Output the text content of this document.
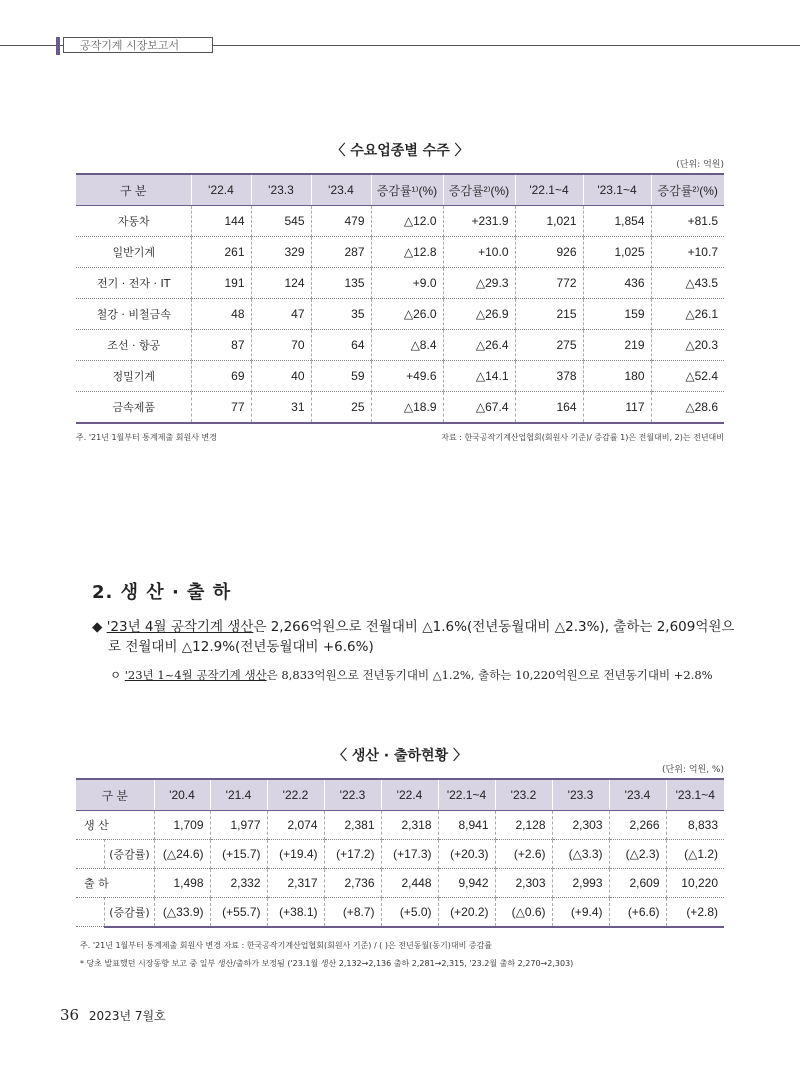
공작기계 시장보고서
〈 수요업종별 수주 〉
(단위: 억원)
구 분	'22.4	'23.3	'23.4	증감률¹⁾(%)	증감률²⁾(%)	'22.1~4	'23.1~4	증감률²⁾(%)
자동차	144	545	479	△12.0	+231.9	1,021	1,854	+81.5
일반기계	261	329	287	△12.8	+10.0	926	1,025	+10.7
전기 · 전자 · IT	191	124	135	+9.0	△29.3	772	436	△43.5
철강 · 비철금속	48	47	35	△26.0	△26.9	215	159	△26.1
조선 · 항공	87	70	64	△8.4	△26.4	275	219	△20.3
정밀기계	69	40	59	+49.6	△14.1	378	180	△52.4
금속제품	77	31	25	△18.9	△67.4	164	117	△28.6
주. '21년 1월부터 통계제출 회원사 변경	자료 : 한국공작기계산업협회(회원사 기준)/ 증감률 1)은 전월대비, 2)는 전년대비
2. 생 산 · 출 하
◆ '23년 4월 공작기계 생산은 2,266억원으로 전월대비 △1.6%(전년동월대비 △2.3%), 출하는 2,609억원으
로 전월대비 △12.9%(전년동월대비 +6.6%)
ㅇ '23년 1~4월 공작기계 생산은 8,833억원으로 전년동기대비 △1.2%, 출하는 10,220억원으로 전년동기대비 +2.8%
〈 생산 · 출하현황 〉
(단위: 억원, %)
구 분		'20.4	'21.4	'22.2	'22.3	'22.4	'22.1~4	'23.2	'23.3	'23.4	'23.1~4
생 산		1,709	1,977	2,074	2,381	2,318	8,941	2,128	2,303	2,266	8,833
	(증감률)	(△24.6)	(+15.7)	(+19.4)	(+17.2)	(+17.3)	(+20.3)	(+2.6)	(△3.3)	(△2.3)	(△1.2)
출 하		1,498	2,332	2,317	2,736	2,448	9,942	2,303	2,993	2,609	10,220
	(증감률)	(△33.9)	(+55.7)	(+38.1)	(+8.7)	(+5.0)	(+20.2)	(△0.6)	(+9.4)	(+6.6)	(+2.8)
주. '21년 1월부터 통계제출 회원사 변경 자료 : 한국공작기계산업협회(회원사 기준) / ( )은 전년동월(동기)대비 증감률
* 당초 발표했던 시장동향 보고 중 일부 생산/출하가 보정됨 ('23.1월 생산 2,132→2,136 출하 2,281→2,315, '23.2월 출하 2,270→2,303)
36 2023년 7월호
